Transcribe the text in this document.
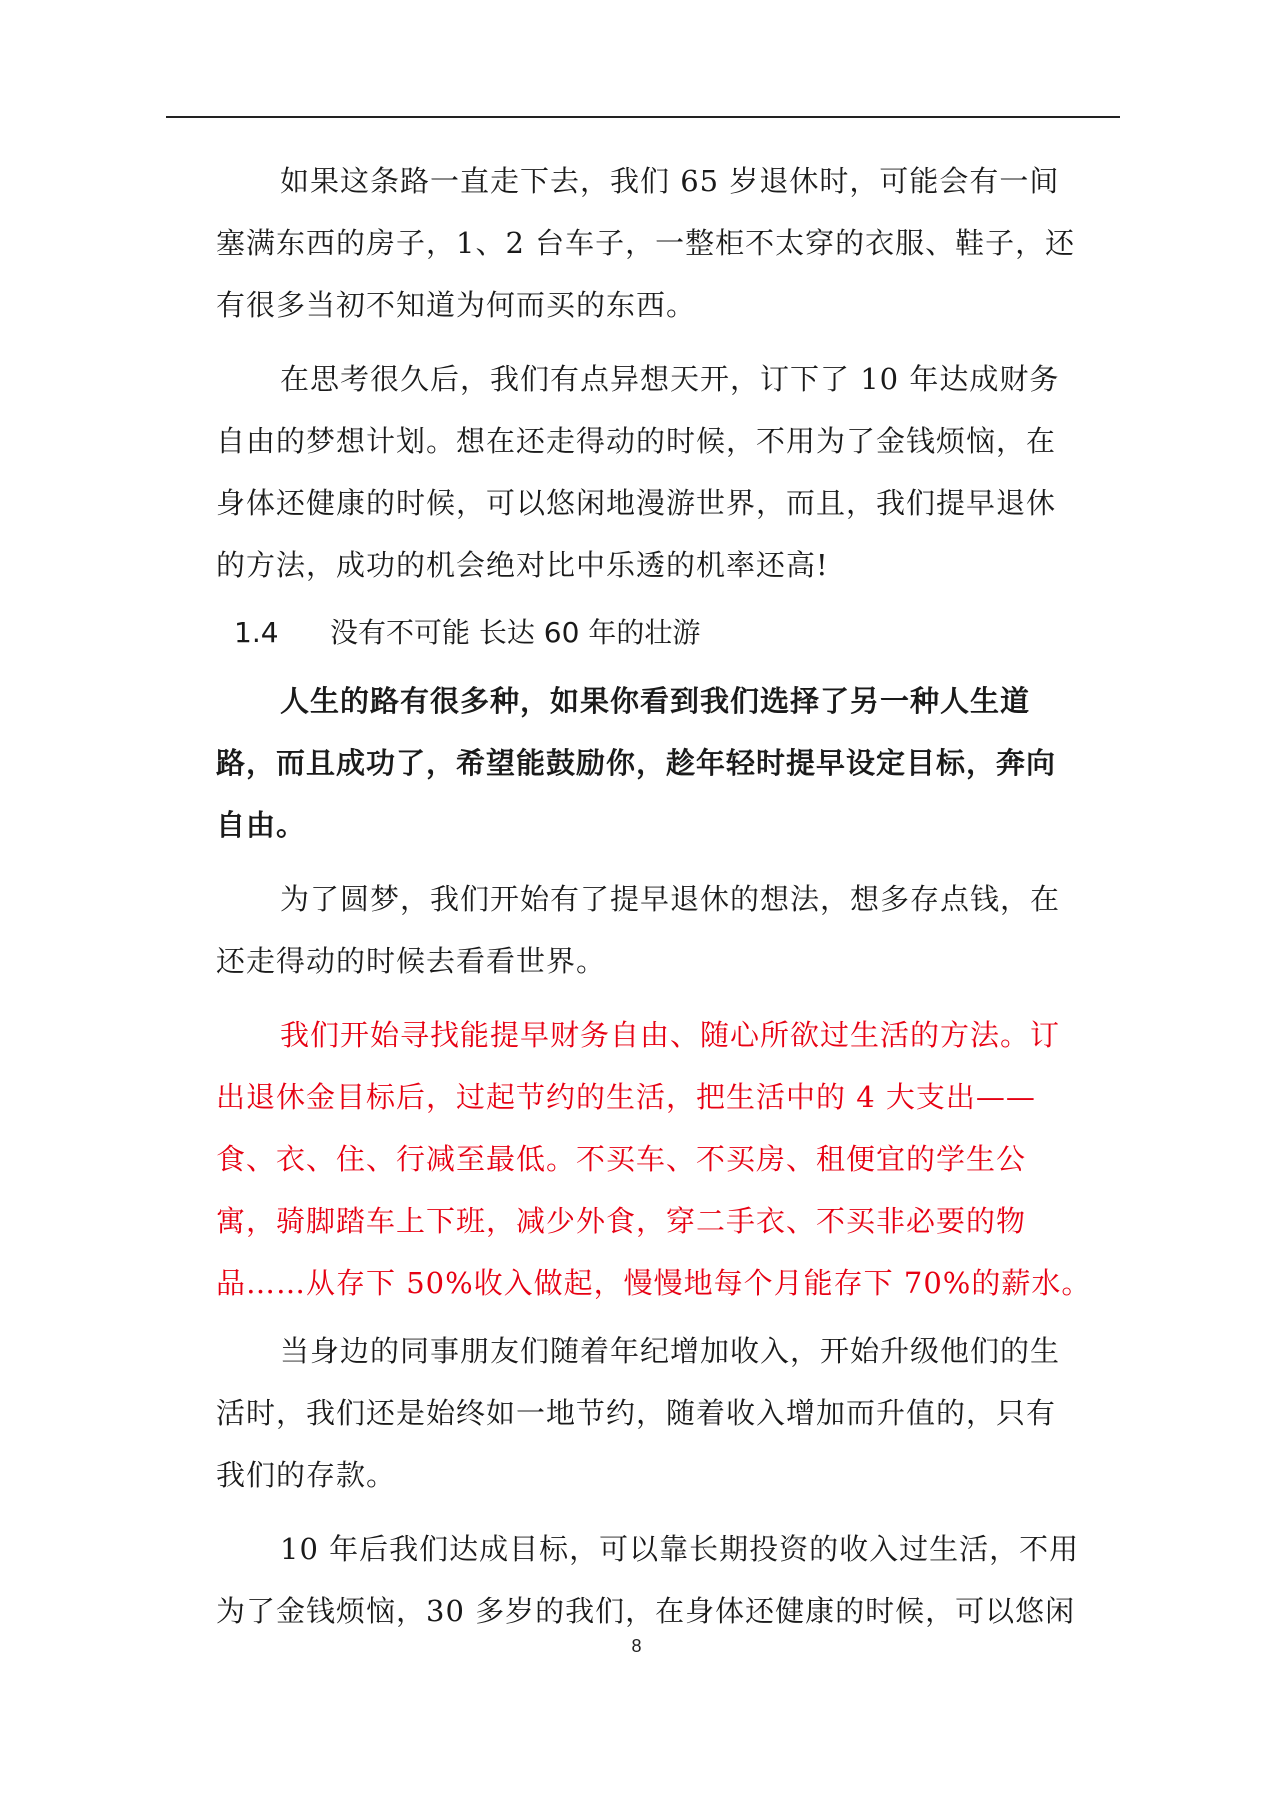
如果这条路一直走下去，我们 65 岁退休时，可能会有一间
塞满东西的房子，1、2 台车子，一整柜不太穿的衣服、鞋子，还
有很多当初不知道为何而买的东西。
在思考很久后，我们有点异想天开，订下了 10 年达成财务
自由的梦想计划。想在还走得动的时候，不用为了金钱烦恼，在
身体还健康的时候，可以悠闲地漫游世界，而且，我们提早退休
的方法，成功的机会绝对比中乐透的机率还高!
1.4 没有不可能 长达 60 年的壮游
人生的路有很多种，如果你看到我们选择了另一种人生道
路，而且成功了，希望能鼓励你，趁年轻时提早设定目标，奔向
自由。
为了圆梦，我们开始有了提早退休的想法，想多存点钱，在
还走得动的时候去看看世界。
我们开始寻找能提早财务自由、随心所欲过生活的方法。订
出退休金目标后，过起节约的生活，把生活中的 4 大支出——
食、衣、住、行减至最低。不买车、不买房、租便宜的学生公
寓，骑脚踏车上下班，减少外食，穿二手衣、不买非必要的物
品……从存下 50%收入做起，慢慢地每个月能存下 70%的薪水。
当身边的同事朋友们随着年纪增加收入，开始升级他们的生
活时，我们还是始终如一地节约，随着收入增加而升值的，只有
我们的存款。
10 年后我们达成目标，可以靠长期投资的收入过生活，不用
为了金钱烦恼，30 多岁的我们，在身体还健康的时候，可以悠闲
8
